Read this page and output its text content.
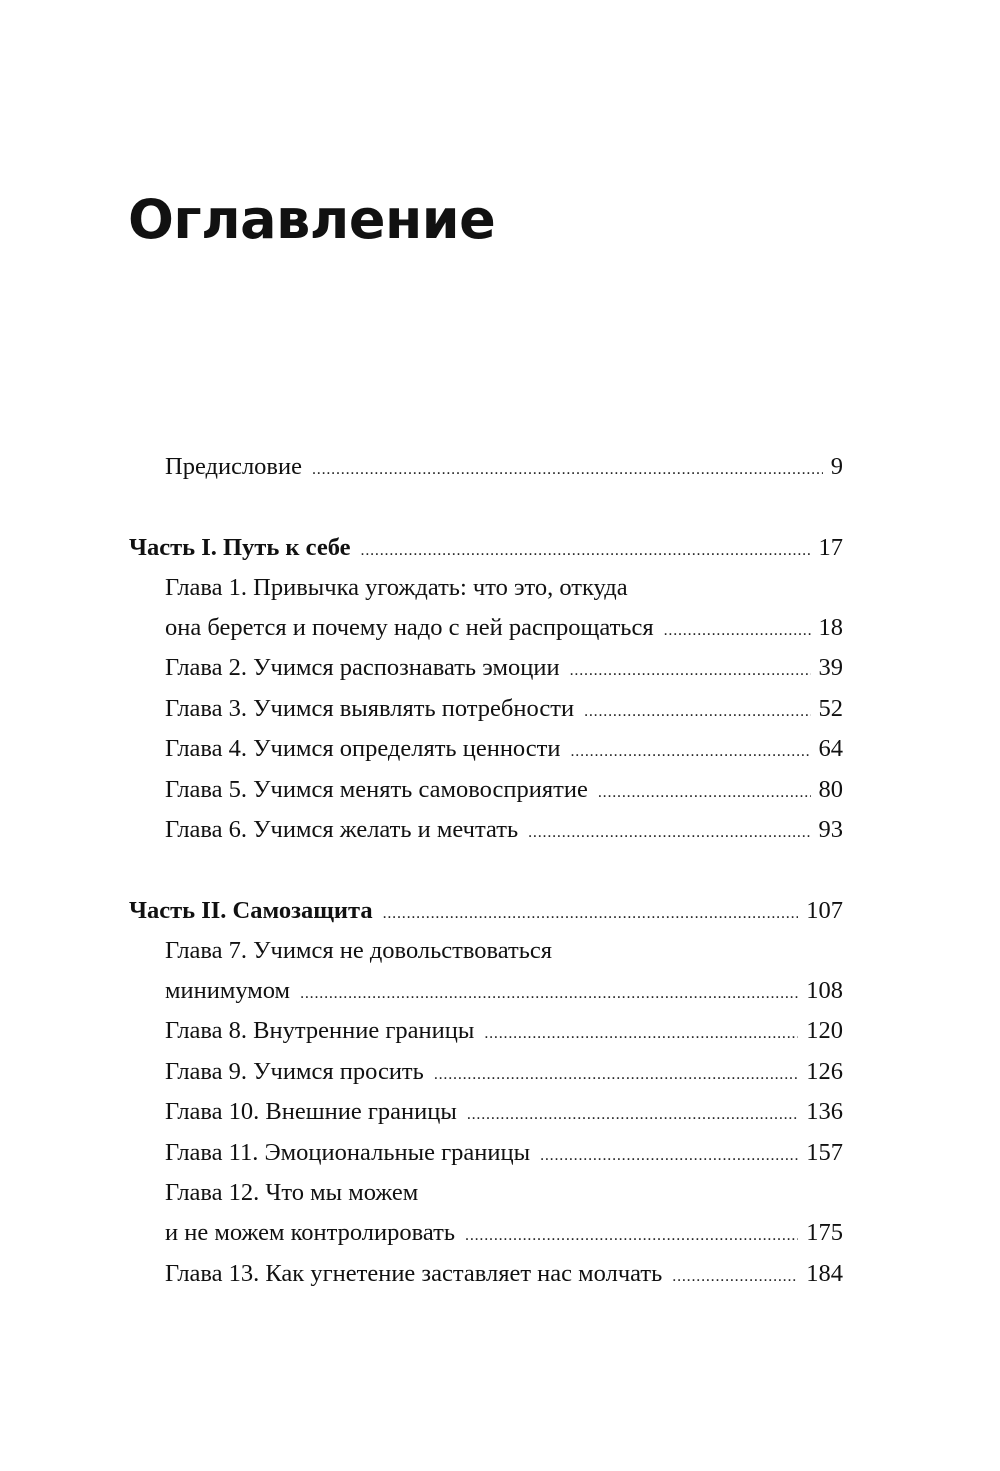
Оглавление
Предисловие . . .	9
Часть I. Путь к себе . . .	17
Глава 1. Привычка угождать: что это, откуда
она берется и почему надо с ней распрощаться . . .	18
Глава 2. Учимся распознавать эмоции . . .	39
Глава 3. Учимся выявлять потребности . . .	52
Глава 4. Учимся определять ценности . . .	64
Глава 5. Учимся менять самовосприятие . . .	80
Глава 6. Учимся желать и мечтать . . .	93
Часть II. Самозащита . . .	107
Глава 7. Учимся не довольствоваться
минимумом . . .	108
Глава 8. Внутренние границы . . .	120
Глава 9. Учимся просить . . .	126
Глава 10. Внешние границы . . .	136
Глава 11. Эмоциональные границы . . .	157
Глава 12. Что мы можем
и не можем контролировать . . .	175
Глава 13. Как угнетение заставляет нас молчать . . .	184
